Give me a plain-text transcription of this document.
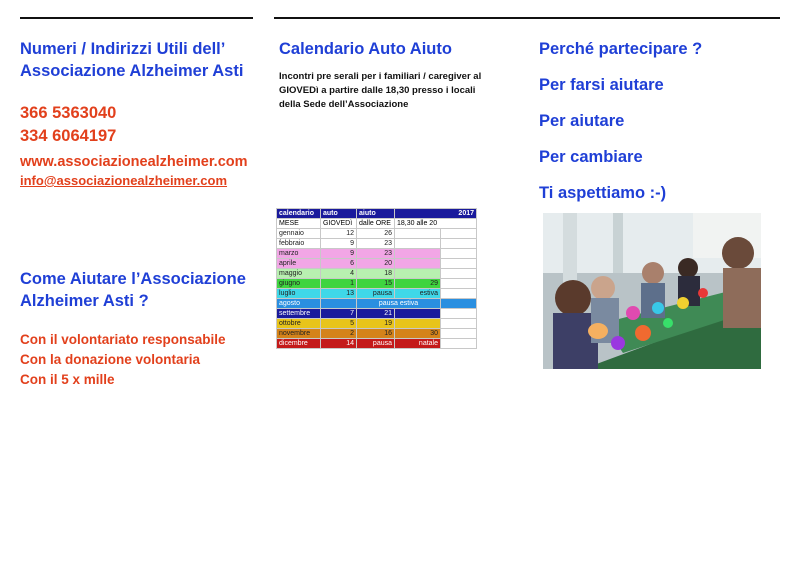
Numeri / Indirizzi Utili dell’ Associazione Alzheimer Asti
366 5363040
334 6064197
www.associazionealzheimer.com
info@associazionealzheimer.com
Come Aiutare l’Associazione Alzheimer Asti ?
Con il volontariato responsabile
Con la donazione volontaria
Con il 5 x mille
Calendario Auto Aiuto
Incontri pre serali per i familiari / caregiver al GIOVEDì a partire dalle 18,30 presso i locali della Sede dell’Associazione
calendario	auto	aiuto	2017	
MESE	GIOVEDì	dalle ORE	18,30 alle 20	
gennaio	12	26		
febbraio	9	23		
marzo	9	23		
aprile	6	20		
maggio	4	18		
giugno	1	15	29	
luglio	13	pausa	estiva	
agosto		pausa estiva		
settembre	7	21		
ottobre	5	19		
novembre	2	16	30	
dicembre	14	pausa	natale	
Perché partecipare ?
Per farsi aiutare
Per aiutare
Per cambiare
Ti aspettiamo :-)
